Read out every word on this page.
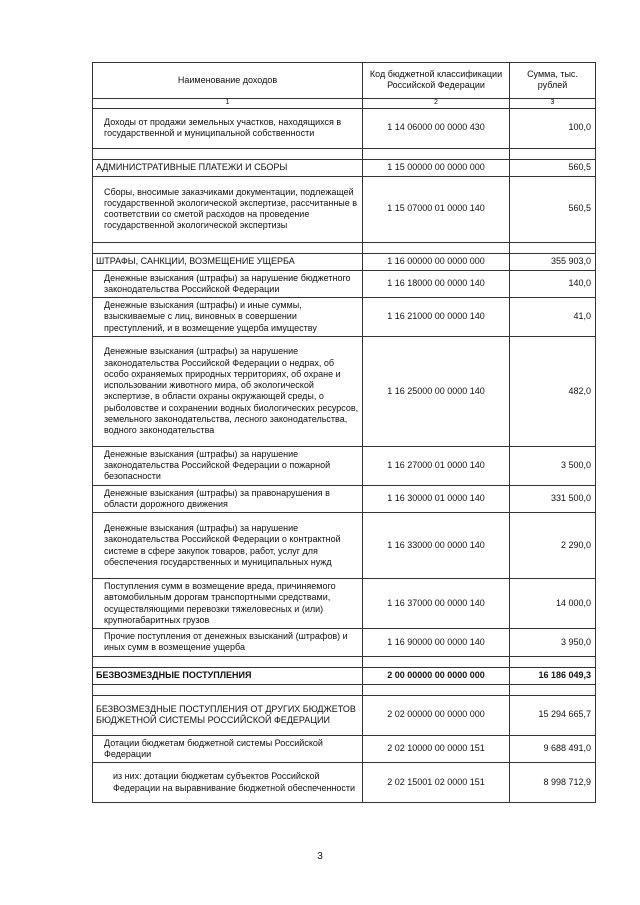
Наименование доходов	Код бюджетной классификации Российской Федерации	Сумма, тыс. рублей
1	2	3
Доходы от продажи земельных участков, находящихся в государственной и муниципальной собственности	1 14 06000 00 0000 430	100,0

АДМИНИСТРАТИВНЫЕ ПЛАТЕЖИ И СБОРЫ	1 15 00000 00 0000 000	560,5
Сборы, вносимые заказчиками документации, подлежащей государственной экологической экспертизе, рассчитанные в соответствии со сметой расходов на проведение государственной экологической экспертизы	1 15 07000 01 0000 140	560,5

ШТРАФЫ, САНКЦИИ, ВОЗМЕЩЕНИЕ УЩЕРБА	1 16 00000 00 0000 000	355 903,0
Денежные взыскания (штрафы) за нарушение бюджетного законодательства Российской Федерации	1 16 18000 00 0000 140	140,0
Денежные взыскания (штрафы) и иные суммы, взыскиваемые с лиц, виновных в совершении преступлений, и в возмещение ущерба имуществу	1 16 21000 00 0000 140	41,0
Денежные взыскания (штрафы) за нарушение законодательства Российской Федерации о недрах, об особо охраняемых природных территориях, об охране и использовании животного мира, об экологической экспертизе, в области охраны окружающей среды, о рыболовстве и сохранении водных биологических ресурсов, земельного законодательства, лесного законодательства, водного законодательства	1 16 25000 00 0000 140	482,0
Денежные взыскания (штрафы) за нарушение законодательства Российской Федерации о пожарной безопасности	1 16 27000 01 0000 140	3 500,0
Денежные взыскания (штрафы) за правонарушения в области дорожного движения	1 16 30000 01 0000 140	331 500,0
Денежные взыскания (штрафы) за нарушение законодательства Российской Федерации о контрактной системе в сфере закупок товаров, работ, услуг для обеспечения государственных и муниципальных нужд	1 16 33000 00 0000 140	2 290,0
Поступления сумм в возмещение вреда, причиняемого автомобильным дорогам транспортными средствами, осуществляющими перевозки тяжеловесных и (или) крупногабаритных грузов	1 16 37000 00 0000 140	14 000,0
Прочие поступления от денежных взысканий (штрафов) и иных сумм в возмещение ущерба	1 16 90000 00 0000 140	3 950,0

БЕЗВОЗМЕЗДНЫЕ ПОСТУПЛЕНИЯ	2 00 00000 00 0000 000	16 186 049,3

БЕЗВОЗМЕЗДНЫЕ ПОСТУПЛЕНИЯ ОТ ДРУГИХ БЮДЖЕТОВ БЮДЖЕТНОЙ СИСТЕМЫ РОССИЙСКОЙ ФЕДЕРАЦИИ	2 02 00000 00 0000 000	15 294 665,7
Дотации бюджетам бюджетной системы Российской Федерации	2 02 10000 00 0000 151	9 688 491,0
из них: дотации бюджетам субъектов Российской Федерации на выравнивание бюджетной обеспеченности	2 02 15001 02 0000 151	8 998 712,9
3
